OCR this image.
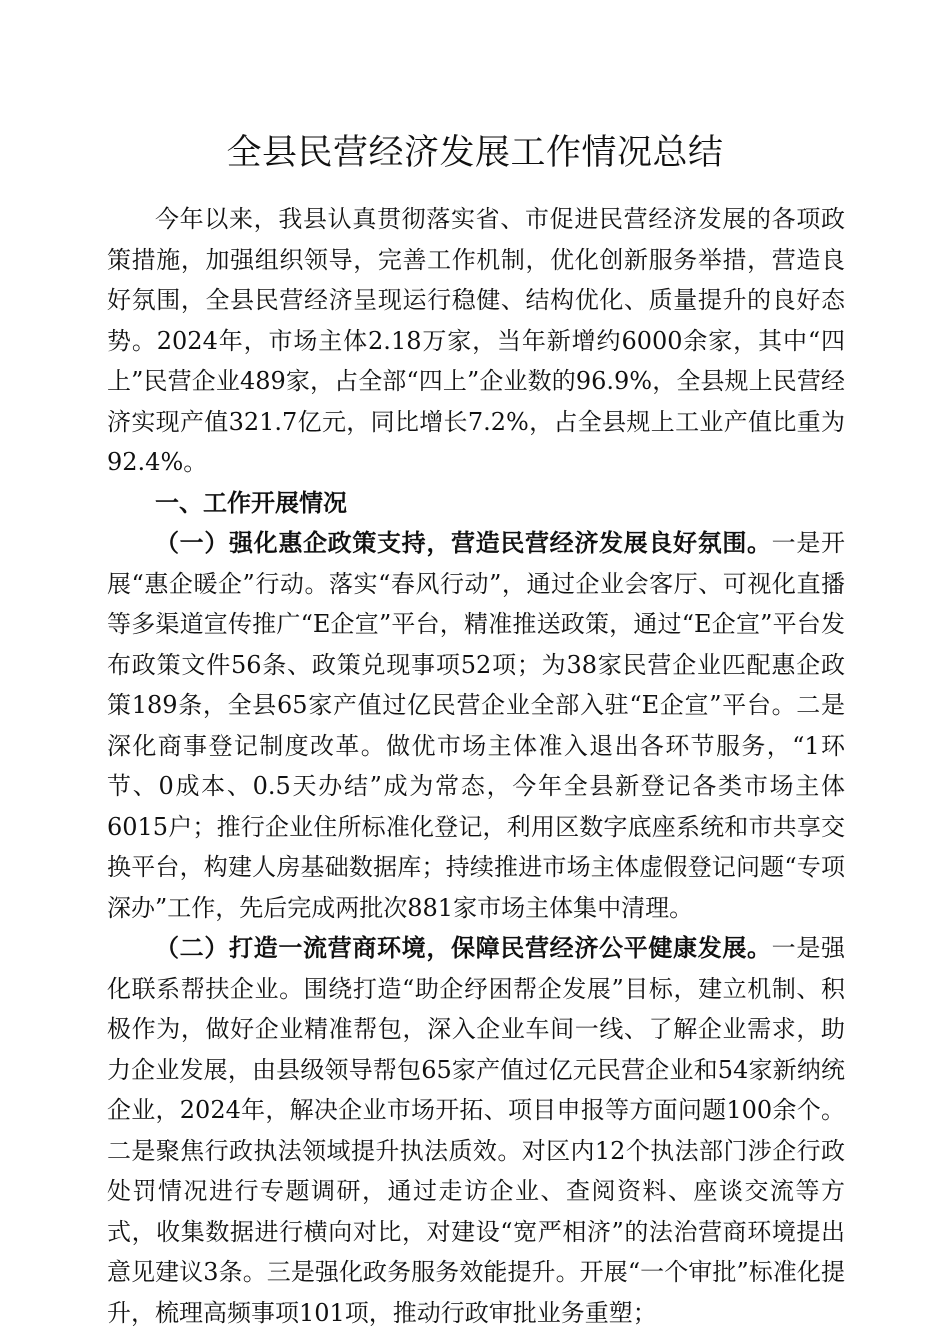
全县民营经济发展工作情况总结

今年以来，我县认真贯彻落实省、市促进民营经济发展的各项政策措施，加强组织领导，完善工作机制，优化创新服务举措，营造良好氛围，全县民营经济呈现运行稳健、结构优化、质量提升的良好态势。2024年，市场主体2.18万家，当年新增约6000余家，其中“四上”民营企业489家，占全部“四上”企业数的96.9%，全县规上民营经济实现产值321.7亿元，同比增长7.2%，占全县规上工业产值比重为92.4%。

一、工作开展情况

（一）强化惠企政策支持，营造民营经济发展良好氛围。一是开展“惠企暖企”行动。落实“春风行动”，通过企业会客厅、可视化直播等多渠道宣传推广“E企宣”平台，精准推送政策，通过“E企宣”平台发布政策文件56条、政策兑现事项52项；为38家民营企业匹配惠企政策189条，全县65家产值过亿民营企业全部入驻“E企宣”平台。二是深化商事登记制度改革。做优市场主体准入退出各环节服务，“1环节、0成本、0.5天办结”成为常态，今年全县新登记各类市场主体6015户；推行企业住所标准化登记，利用区数字底座系统和市共享交换平台，构建人房基础数据库；持续推进市场主体虚假登记问题“专项深办”工作，先后完成两批次881家市场主体集中清理。

（二）打造一流营商环境，保障民营经济公平健康发展。一是强化联系帮扶企业。围绕打造“助企纾困帮企发展”目标，建立机制、积极作为，做好企业精准帮包，深入企业车间一线、了解企业需求，助力企业发展，由县级领导帮包65家产值过亿元民营企业和54家新纳统企业，2024年，解决企业市场开拓、项目申报等方面问题100余个。二是聚焦行政执法领域提升执法质效。对区内12个执法部门涉企行政处罚情况进行专题调研，通过走访企业、查阅资料、座谈交流等方式，收集数据进行横向对比，对建设“宽严相济”的法治营商环境提出意见建议3条。三是强化政务服务效能提升。开展“一个审批”标准化提升，梳理高频事项101项，推动行政审批业务重塑；
